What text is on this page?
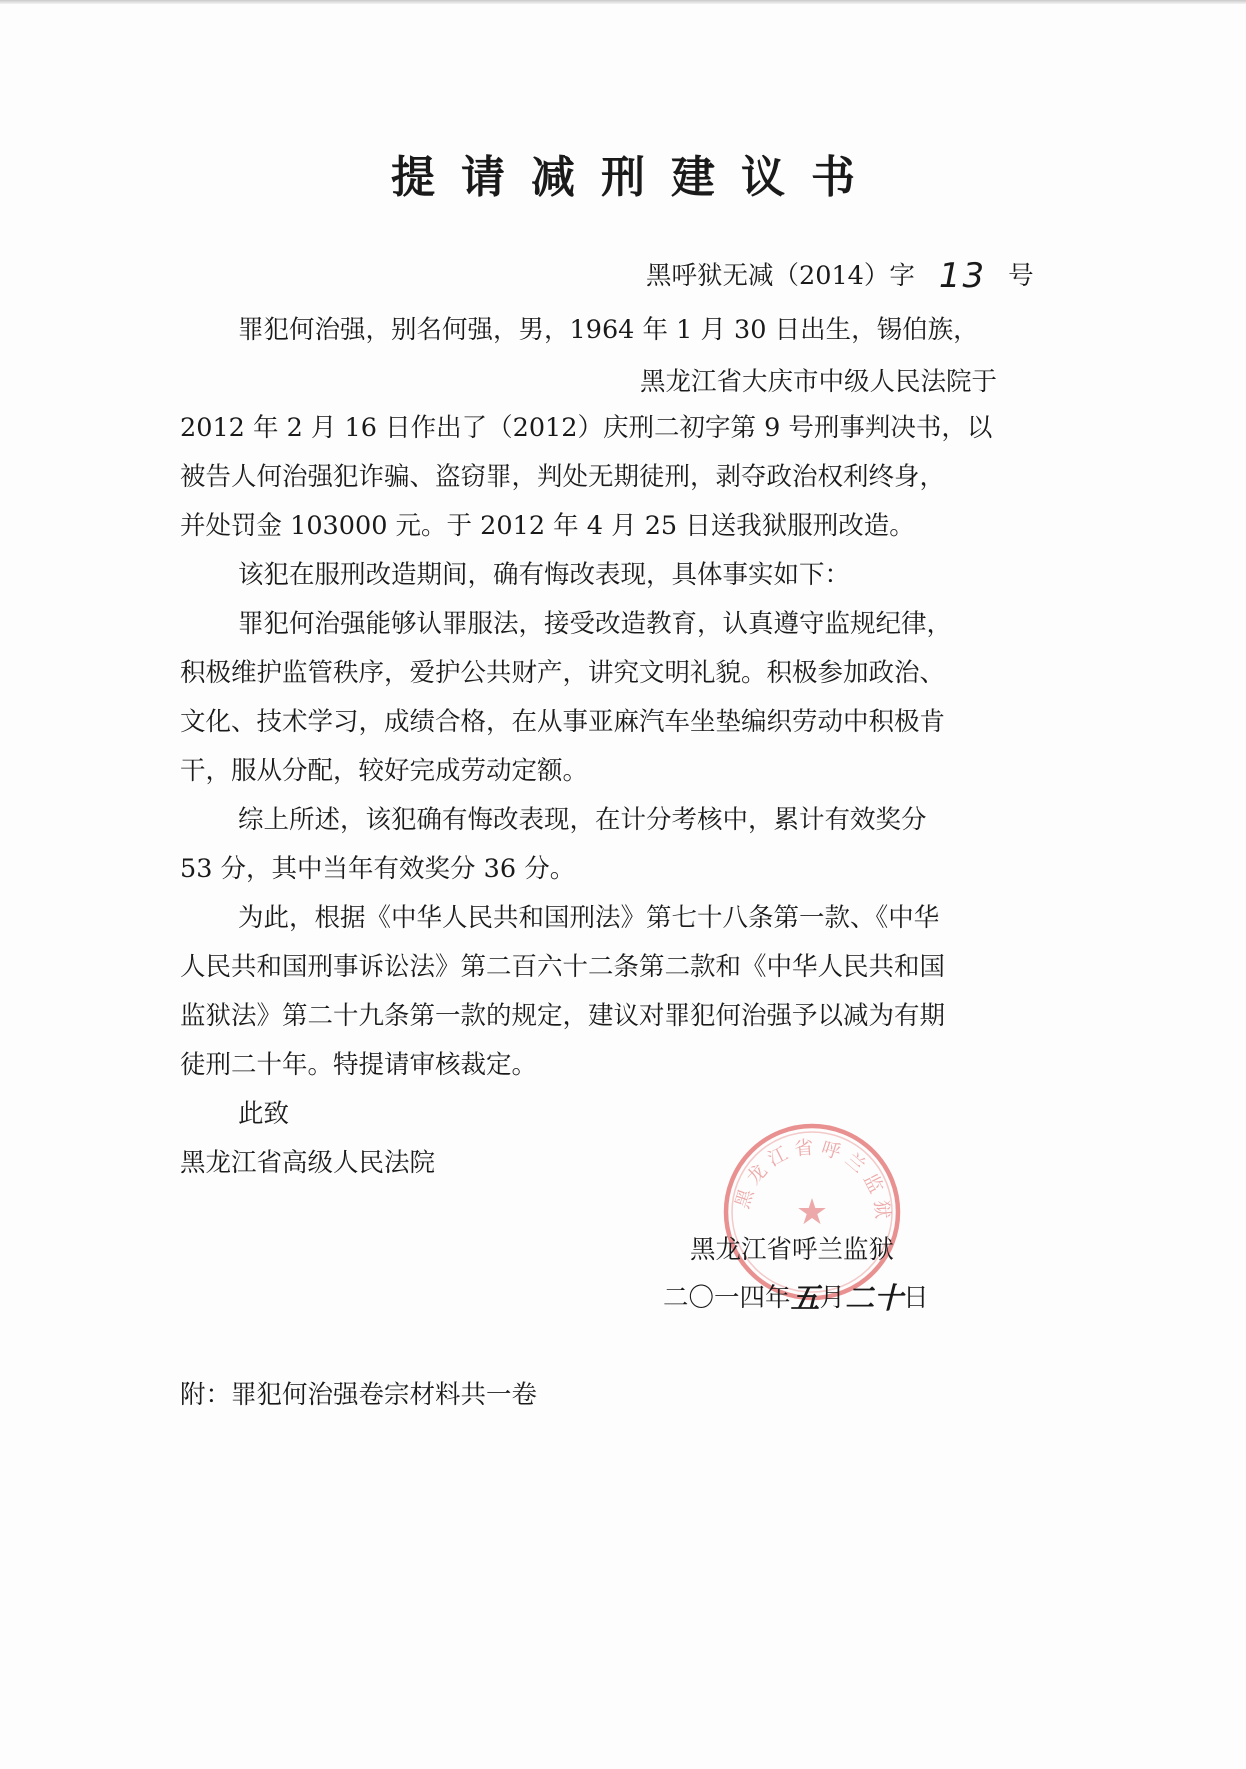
提请减刑建议书
黑呼狱无减（2014）字 13 号
罪犯何治强，别名何强，男，1964 年 1 月 30 日出生，锡伯族，
黑龙江省大庆市中级人民法院于
2012 年 2 月 16 日作出了（2012）庆刑二初字第 9 号刑事判决书，以
被告人何治强犯诈骗、盗窃罪，判处无期徒刑，剥夺政治权利终身，
并处罚金 103000 元。于 2012 年 4 月 25 日送我狱服刑改造。
该犯在服刑改造期间，确有悔改表现，具体事实如下：
罪犯何治强能够认罪服法，接受改造教育，认真遵守监规纪律，
积极维护监管秩序，爱护公共财产，讲究文明礼貌。积极参加政治、
文化、技术学习，成绩合格，在从事亚麻汽车坐垫编织劳动中积极肯
干，服从分配，较好完成劳动定额。
综上所述，该犯确有悔改表现，在计分考核中，累计有效奖分
53 分，其中当年有效奖分 36 分。
为此，根据《中华人民共和国刑法》第七十八条第一款、《中华
人民共和国刑事诉讼法》第二百六十二条第二款和《中华人民共和国
监狱法》第二十九条第一款的规定，建议对罪犯何治强予以减为有期
徒刑二十年。特提请审核裁定。
此致
黑龙江省高级人民法院
黑龙江省呼兰监狱
★
黑龙江省呼兰监狱
二〇一四年五月二十日
附：罪犯何治强卷宗材料共一卷
